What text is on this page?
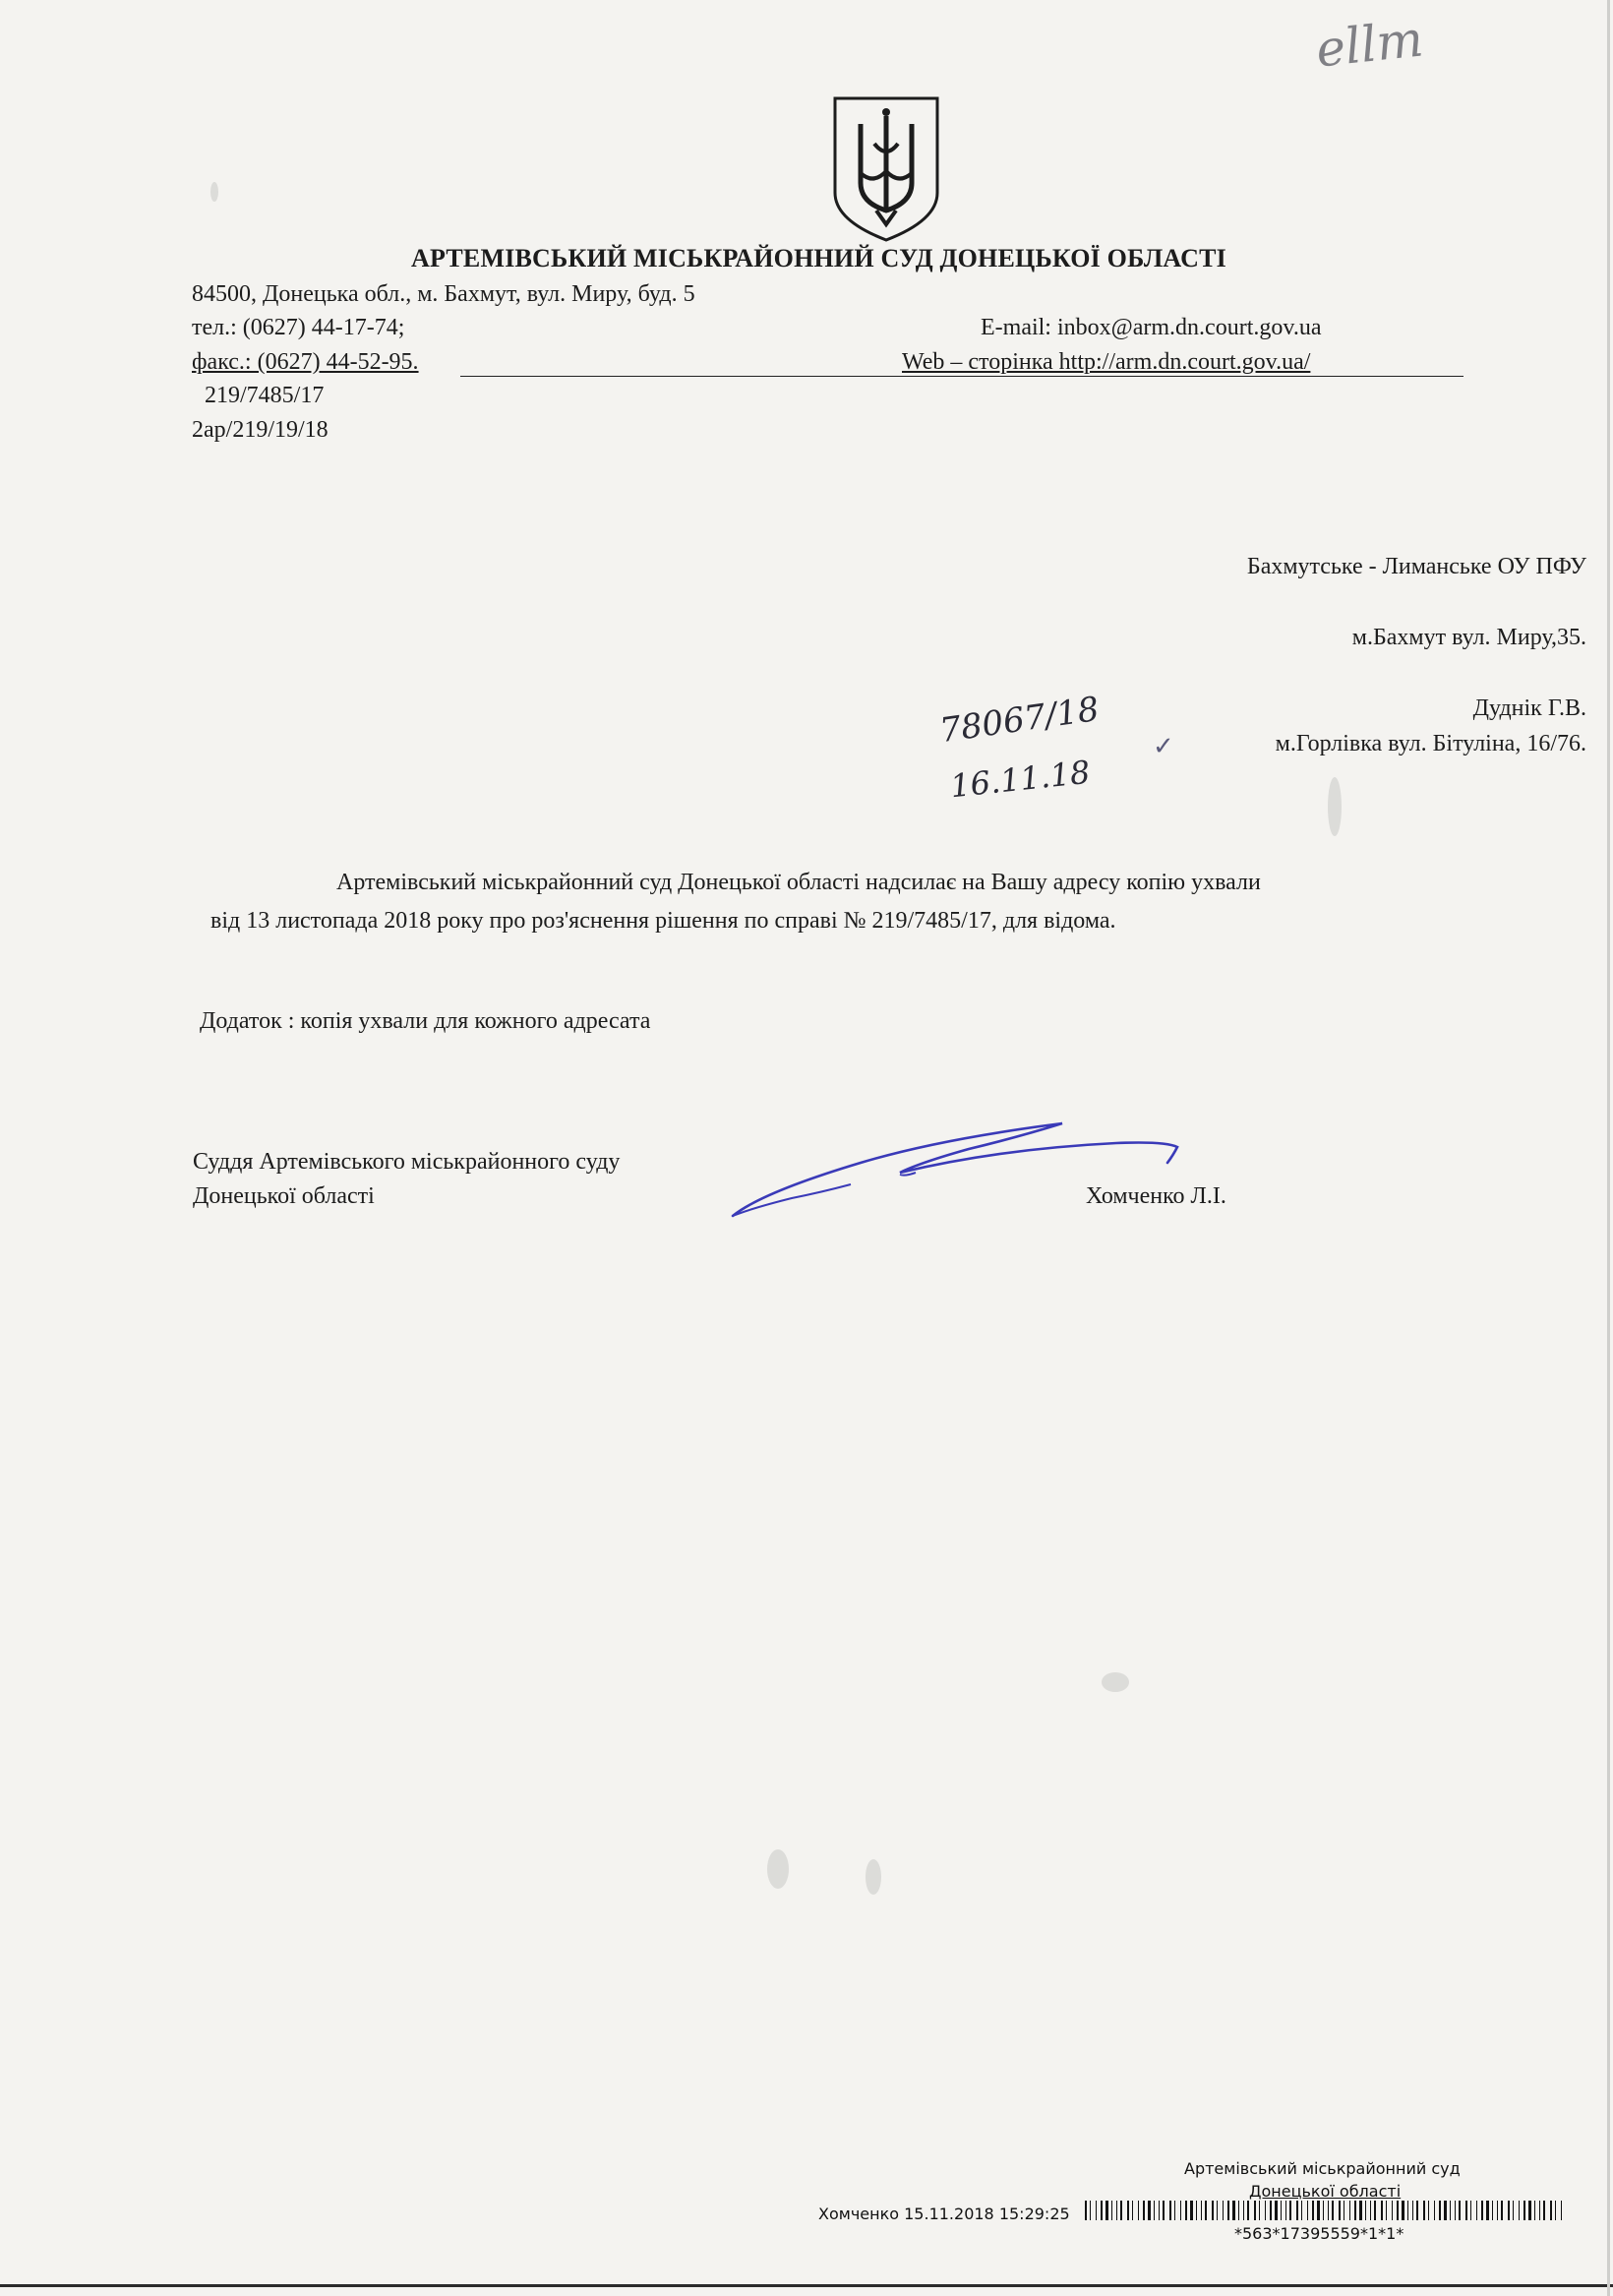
АРТЕМІВСЬКИЙ МІСЬКРАЙОННИЙ СУД ДОНЕЦЬКОЇ ОБЛАСТІ
84500, Донецька обл., м. Бахмут, вул. Миру, буд. 5
тел.: (0627) 44-17-74;	E-mail: inbox@arm.dn.court.gov.ua
факс.: (0627) 44-52-95.	Web – сторінка http://arm.dn.court.gov.ua/
219/7485/17
2ар/219/19/18
ellm
Бахмутське - Лиманське ОУ ПФУ
м.Бахмут вул. Миру,35.
Дуднік Г.В.
✓	м.Горлівка вул. Бітуліна, 16/76.
78067/18
16.11.18
Артемівський міськрайонний суд Донецької області надсилає на Вашу адресу копію ухвали
від 13 листопада 2018 року про роз'яснення рішення по справі № 219/7485/17, для відома.
Додаток : копія ухвали для кожного адресата
Суддя Артемівського міськрайонного суду
Донецької області	Хомченко Л.І.
Артемівський міськрайонний суд
Донецької області
Хомченко 15.11.2018 15:29:25
*563*17395559*1*1*
